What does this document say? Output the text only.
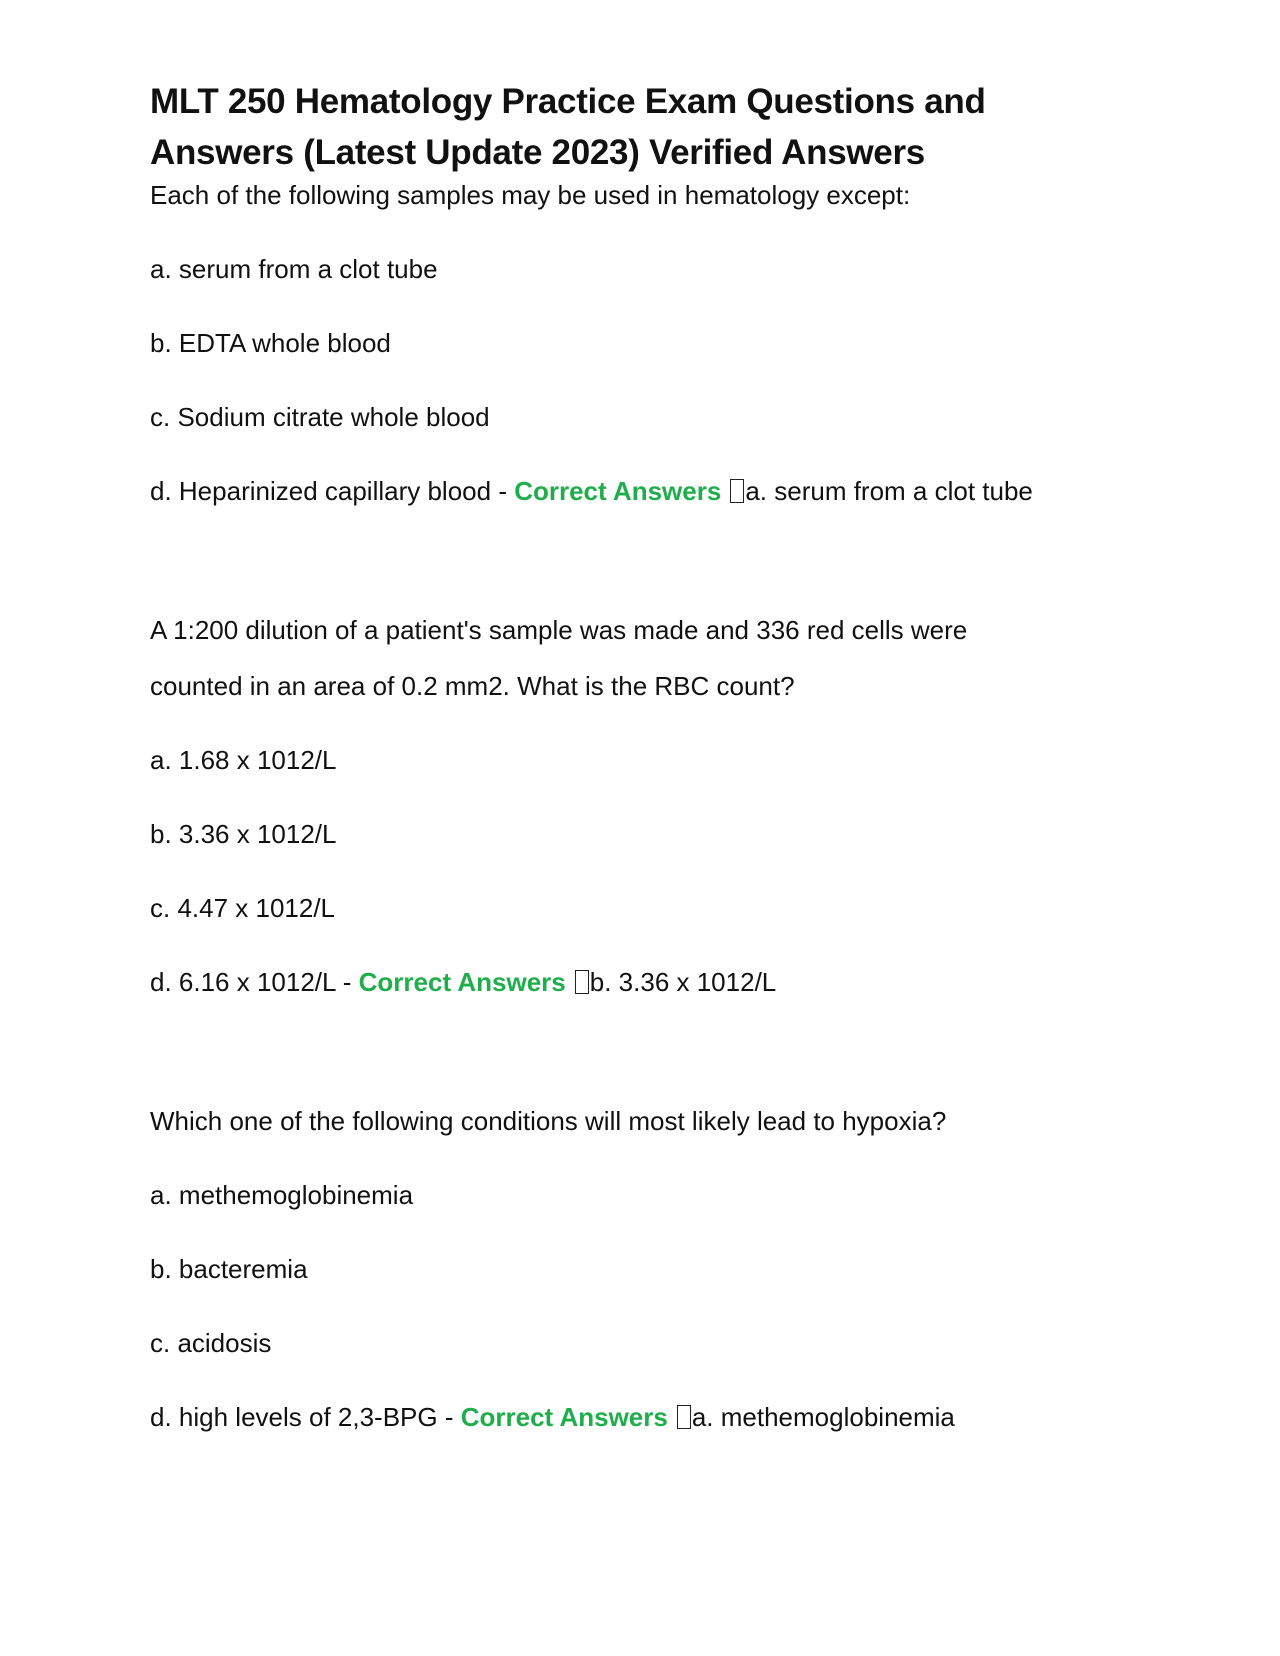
MLT 250 Hematology Practice Exam Questions and
Answers (Latest Update 2023) Verified Answers

Each of the following samples may be used in hematology except:

a. serum from a clot tube

b. EDTA whole blood

c. Sodium citrate whole blood

d. Heparinized capillary blood - Correct Answers a. serum from a clot tube

A 1:200 dilution of a patient's sample was made and 336 red cells were

counted in an area of 0.2 mm2. What is the RBC count?

a. 1.68 x 1012/L

b. 3.36 x 1012/L

c. 4.47 x 1012/L

d. 6.16 x 1012/L - Correct Answers b. 3.36 x 1012/L

Which one of the following conditions will most likely lead to hypoxia?

a. methemoglobinemia

b. bacteremia

c. acidosis

d. high levels of 2,3-BPG - Correct Answers a. methemoglobinemia
